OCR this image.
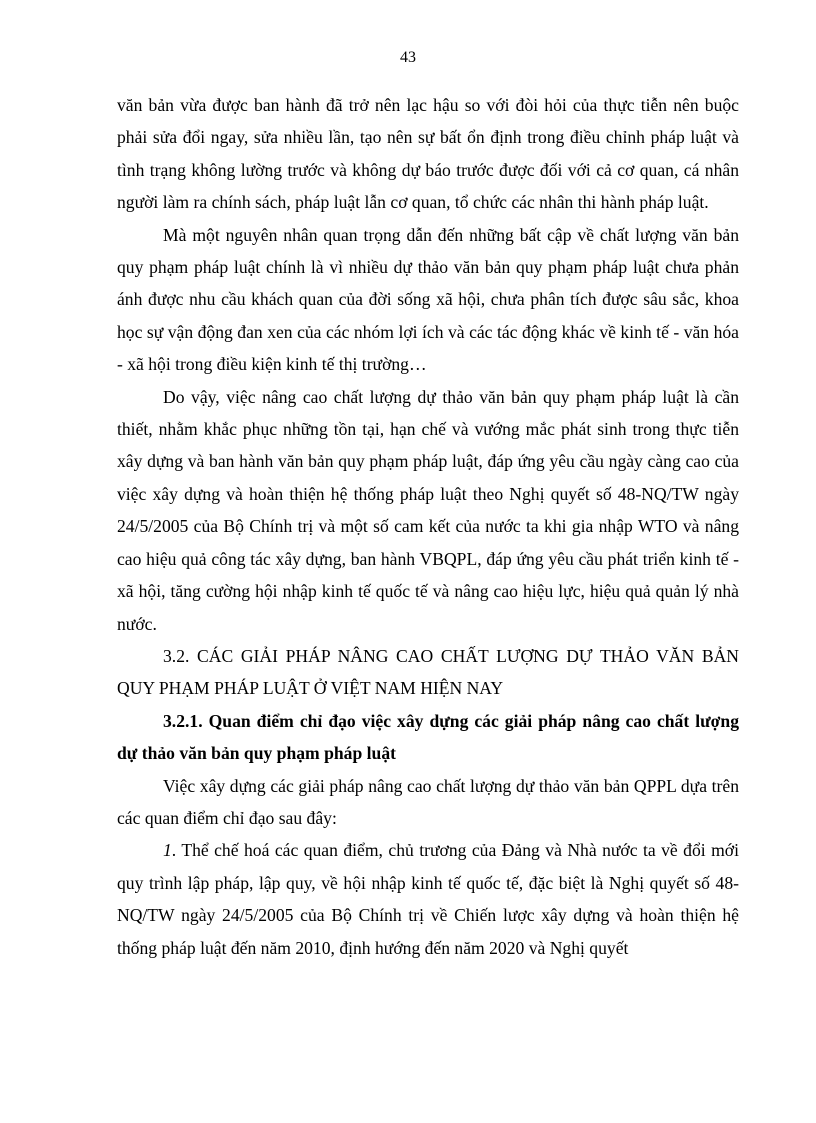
43

văn bản vừa được ban hành đã trở nên lạc hậu so với đòi hỏi của thực tiễn nên buộc phải sửa đổi ngay, sửa nhiều lần, tạo nên sự bất ổn định trong điều chỉnh pháp luật và tình trạng không lường trước và không dự báo trước được đối với cả cơ quan, cá nhân người làm ra chính sách, pháp luật lẫn cơ quan, tổ chức các nhân thi hành pháp luật.

Mà một nguyên nhân quan trọng dẫn đến những bất cập về chất lượng văn bản quy phạm pháp luật chính là vì nhiều dự thảo văn bản quy phạm pháp luật chưa phản ánh được nhu cầu khách quan của đời sống xã hội, chưa phân tích được sâu sắc, khoa học sự vận động đan xen của các nhóm lợi ích và các tác động khác về kinh tế - văn hóa - xã hội trong điều kiện kinh tế thị trường…

Do vậy, việc nâng cao chất lượng dự thảo văn bản quy phạm pháp luật là cần thiết, nhằm khắc phục những tồn tại, hạn chế và vướng mắc phát sinh trong thực tiễn xây dựng và ban hành văn bản quy phạm pháp luật, đáp ứng yêu cầu ngày càng cao của việc xây dựng và hoàn thiện hệ thống pháp luật theo Nghị quyết số 48-NQ/TW ngày 24/5/2005 của Bộ Chính trị và một số cam kết của nước ta khi gia nhập WTO và nâng cao hiệu quả công tác xây dựng, ban hành VBQPL, đáp ứng yêu cầu phát triển kinh tế - xã hội, tăng cường hội nhập kinh tế quốc tế và nâng cao hiệu lực, hiệu quả quản lý nhà nước.

3.2. CÁC GIẢI PHÁP NÂNG CAO CHẤT LƯỢNG DỰ THẢO VĂN BẢN QUY PHẠM PHÁP LUẬT Ở VIỆT NAM HIỆN NAY

3.2.1. Quan điểm chỉ đạo việc xây dựng các giải pháp nâng cao chất lượng dự thảo văn bản quy phạm pháp luật

Việc xây dựng các giải pháp nâng cao chất lượng dự thảo văn bản QPPL dựa trên các quan điểm chỉ đạo sau đây:

1. Thể chế hoá các quan điểm, chủ trương của Đảng và Nhà nước ta về đổi mới quy trình lập pháp, lập quy, về hội nhập kinh tế quốc tế, đặc biệt là Nghị quyết số 48-NQ/TW ngày 24/5/2005 của Bộ Chính trị về Chiến lược xây dựng và hoàn thiện hệ thống pháp luật đến năm 2010, định hướng đến năm 2020 và Nghị quyết
